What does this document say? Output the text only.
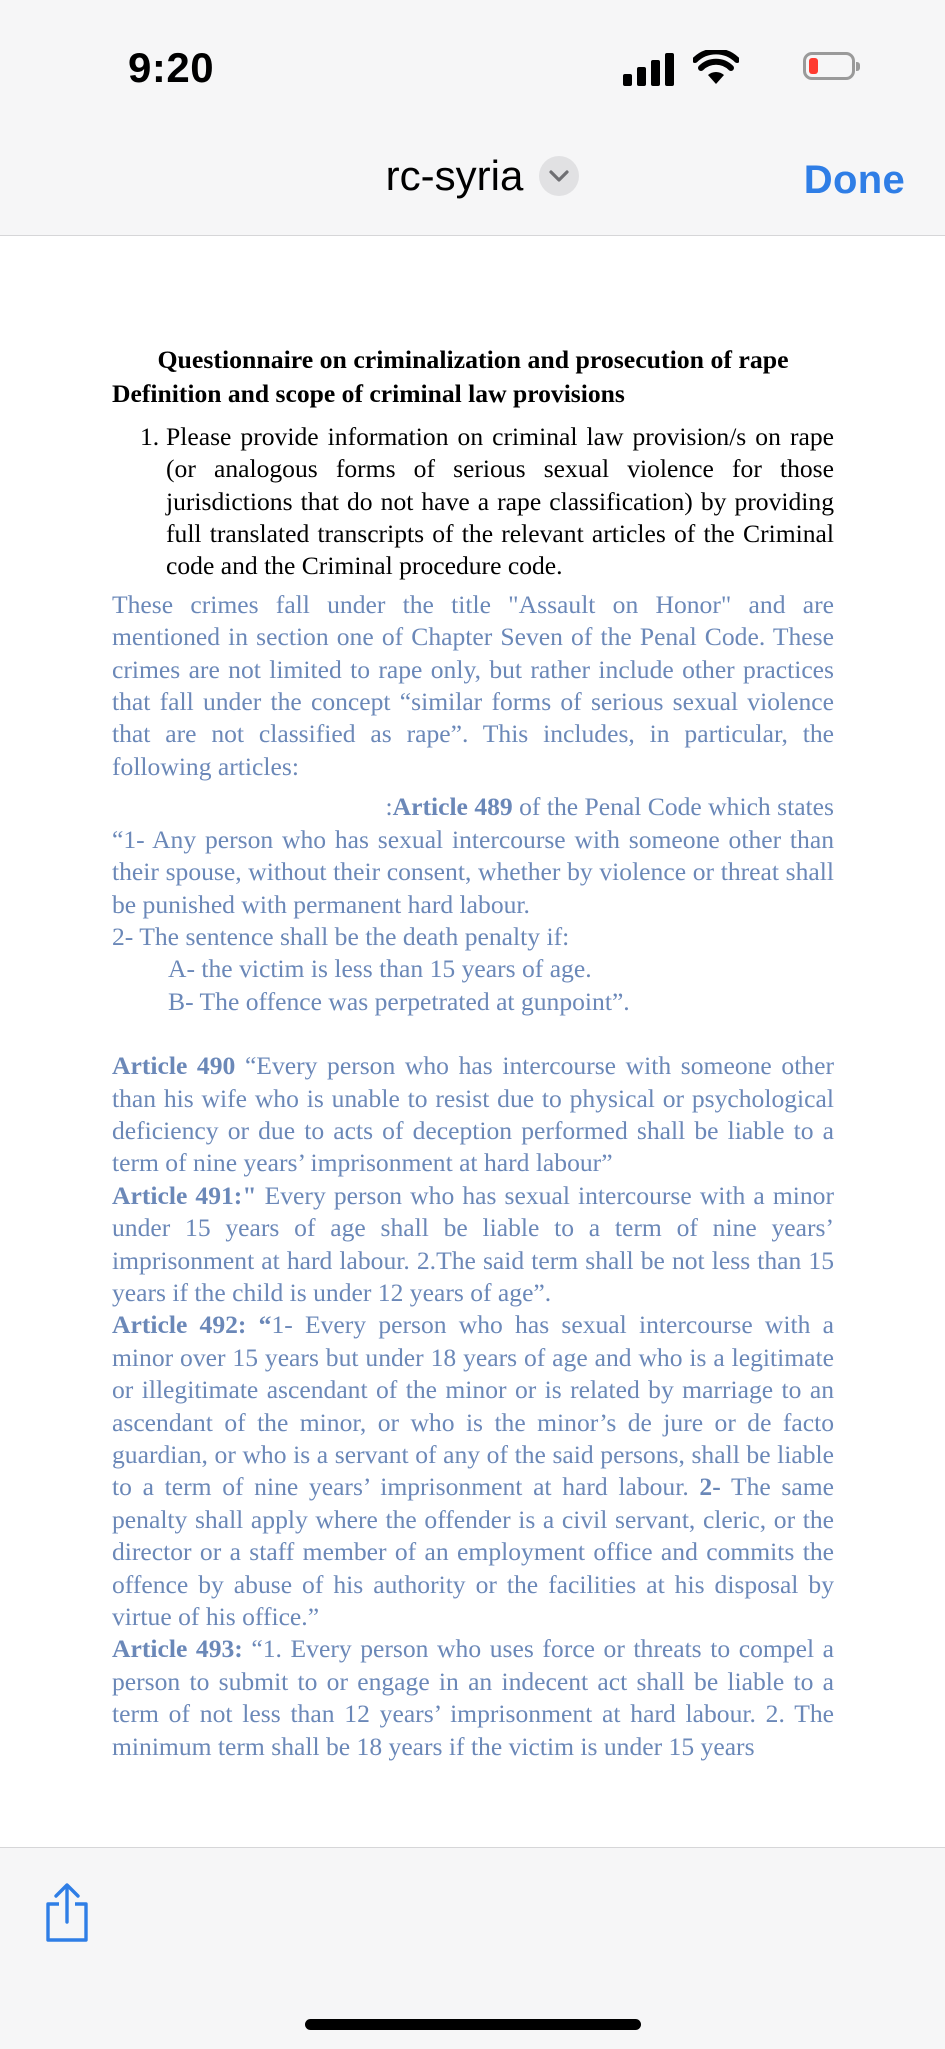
9:20
rc-syria	Done

Questionnaire on criminalization and prosecution of rape

Definition and scope of criminal law provisions

1. Please provide information on criminal law provision/s on rape (or analogous forms of serious sexual violence for those jurisdictions that do not have a rape classification) by providing full translated transcripts of the relevant articles of the Criminal code and the Criminal procedure code.

These crimes fall under the title "Assault on Honor" and are mentioned in section one of Chapter Seven of the Penal Code. These crimes are not limited to rape only, but rather include other practices that fall under the concept “similar forms of serious sexual violence that are not classified as rape”. This includes, in particular, the following articles:

:Article 489 of the Penal Code which states

“1- Any person who has sexual intercourse with someone other than their spouse, without their consent, whether by violence or threat shall be punished with permanent hard labour.

2- The sentence shall be the death penalty if:

A- the victim is less than 15 years of age.

B- The offence was perpetrated at gunpoint”.

Article 490 “Every person who has intercourse with someone other than his wife who is unable to resist due to physical or psychological deficiency or due to acts of deception performed shall be liable to a term of nine years’ imprisonment at hard labour”

Article 491:" Every person who has sexual intercourse with a minor under 15 years of age shall be liable to a term of nine years’ imprisonment at hard labour. 2.The said term shall be not less than 15 years if the child is under 12 years of age”.

Article 492: “1- Every person who has sexual intercourse with a minor over 15 years but under 18 years of age and who is a legitimate or illegitimate ascendant of the minor or is related by marriage to an ascendant of the minor, or who is the minor’s de jure or de facto guardian, or who is a servant of any of the said persons, shall be liable to a term of nine years’ imprisonment at hard labour. 2- The same penalty shall apply where the offender is a civil servant, cleric, or the director or a staff member of an employment office and commits the offence by abuse of his authority or the facilities at his disposal by virtue of his office.”

Article 493: “1. Every person who uses force or threats to compel a person to submit to or engage in an indecent act shall be liable to a term of not less than 12 years’ imprisonment at hard labour. 2. The minimum term shall be 18 years if the victim is under 15 years
